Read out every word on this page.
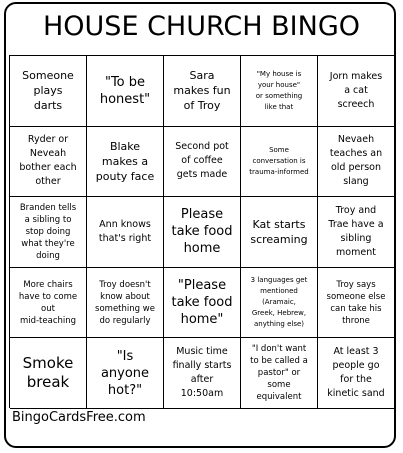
HOUSE CHURCH BINGO
Someone
plays
darts
"To be
honest"
Sara
makes fun
of Troy
"My house is
your house"
or something
like that
Jorn makes
a cat
screech
Ryder or
Neveah
bother each
other
Blake
makes a
pouty face
Second pot
of coffee
gets made
Some
conversation is
trauma-informed
Nevaeh
teaches an
old person
slang
Branden tells
a sibling to
stop doing
what they're
doing
Ann knows
that's right
Please
take food
home
Kat starts
screaming
Troy and
Trae have a
sibling
moment
More chairs
have to come
out
mid-teaching
Troy doesn't
know about
something we
do regularly
"Please
take food
home"
3 languages get
mentioned
(Aramaic,
Greek, Hebrew,
anything else)
Troy says
someone else
can take his
throne
Smoke
break
"Is
anyone
hot?"
Music time
finally starts
after
10:50am
"I don't want
to be called a
pastor" or
some
equivalent
At least 3
people go
for the
kinetic sand
BingoCardsFree.com
